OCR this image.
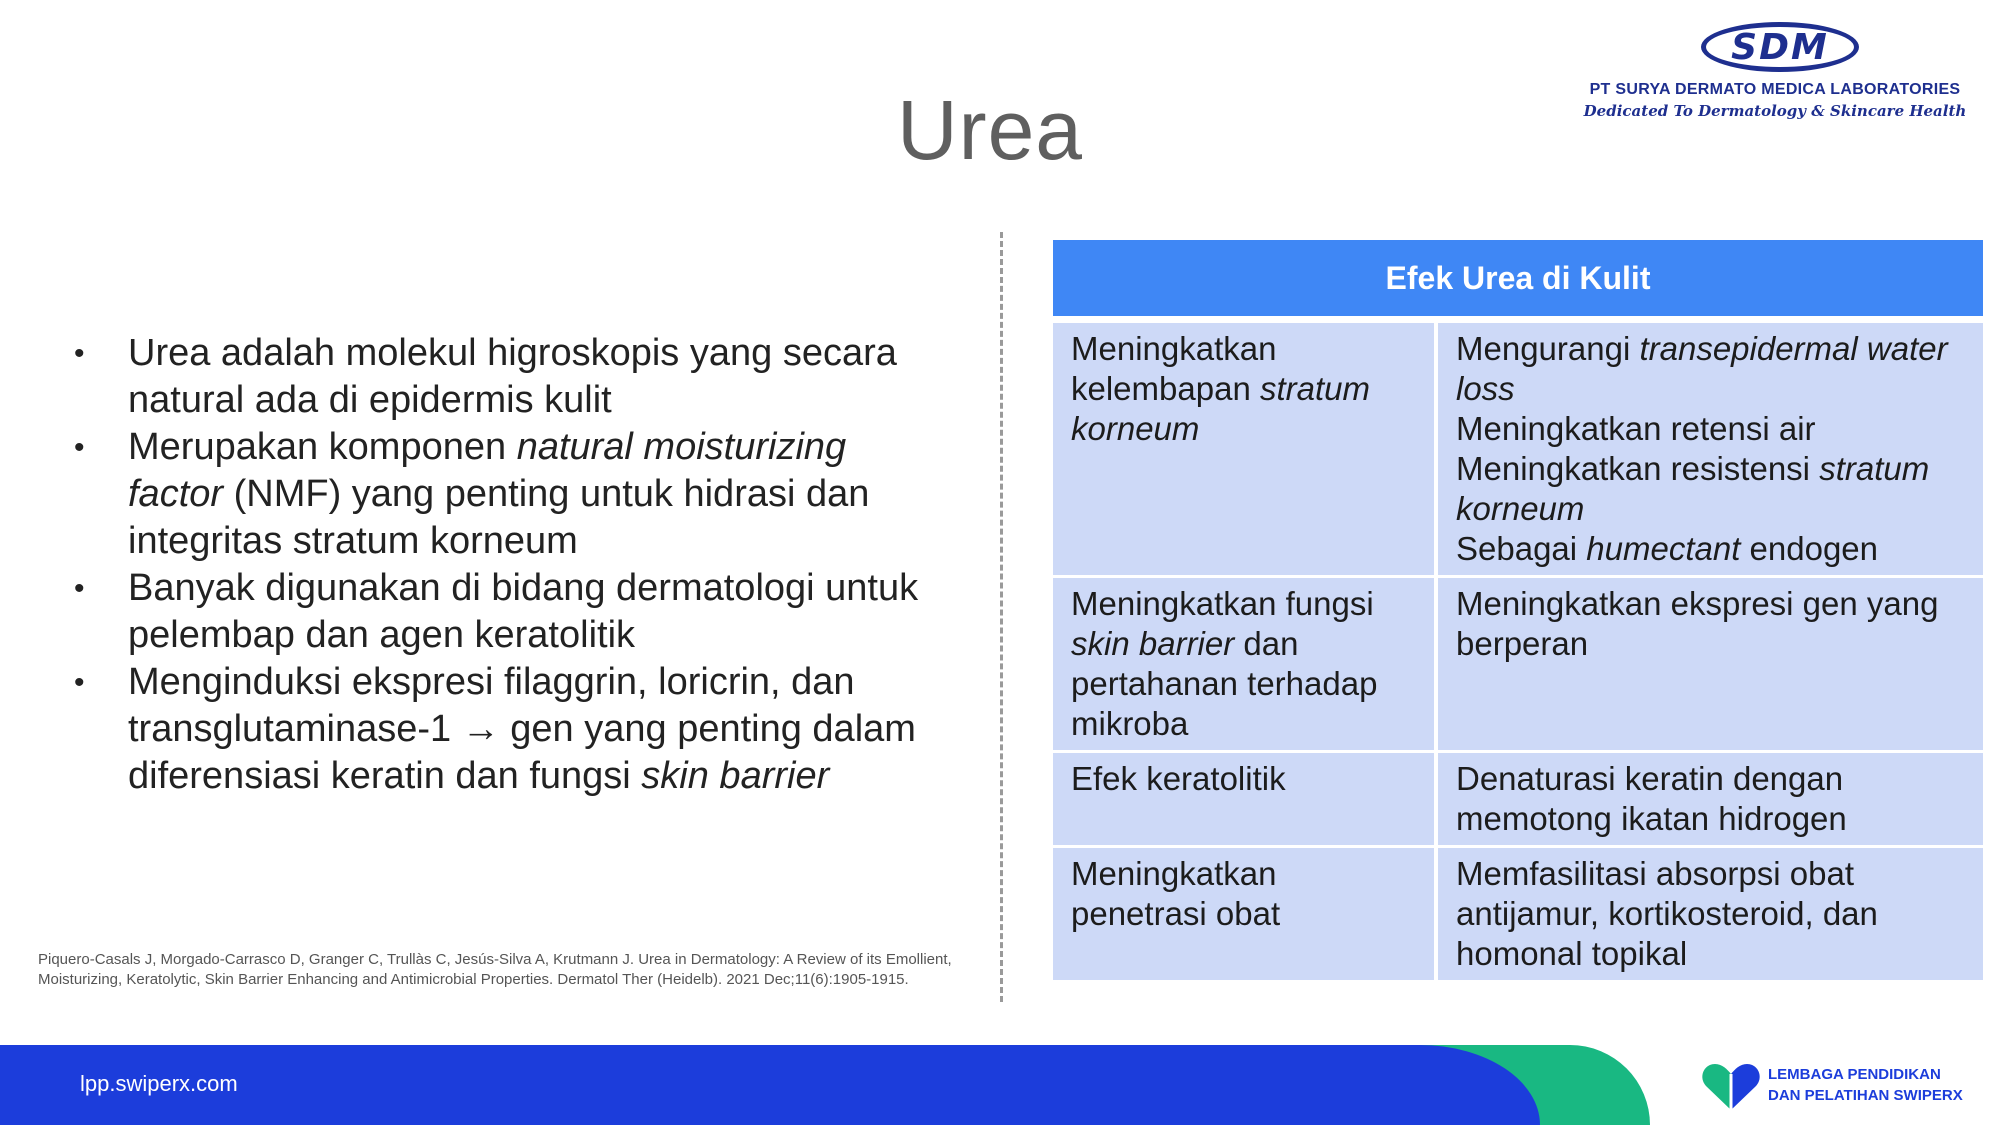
Urea
SDM
PT SURYA DERMATO MEDICA LABORATORIES
Dedicated To Dermatology & Skincare Health
• Urea adalah molekul higroskopis yang secara natural ada di epidermis kulit
• Merupakan komponen natural moisturizing factor (NMF) yang penting untuk hidrasi dan integritas stratum korneum
• Banyak digunakan di bidang dermatologi untuk pelembap dan agen keratolitik
• Menginduksi ekspresi filaggrin, loricrin, dan transglutaminase-1 → gen yang penting dalam diferensiasi keratin dan fungsi skin barrier
Piquero-Casals J, Morgado-Carrasco D, Granger C, Trullàs C, Jesús-Silva A, Krutmann J. Urea in Dermatology: A Review of its Emollient, Moisturizing, Keratolytic, Skin Barrier Enhancing and Antimicrobial Properties. Dermatol Ther (Heidelb). 2021 Dec;11(6):1905-1915.
Efek Urea di Kulit
Meningkatkan kelembapan stratum korneum
Mengurangi transepidermal water loss
Meningkatkan retensi air
Meningkatkan resistensi stratum korneum
Sebagai humectant endogen
Meningkatkan fungsi skin barrier dan pertahanan terhadap mikroba
Meningkatkan ekspresi gen yang berperan
Efek keratolitik	Denaturasi keratin dengan memotong ikatan hidrogen
Meningkatkan penetrasi obat
Memfasilitasi absorpsi obat antijamur, kortikosteroid, dan homonal topikal
lpp.swiperx.com	LEMBAGA PENDIDIKAN
DAN PELATIHAN SWIPERX
